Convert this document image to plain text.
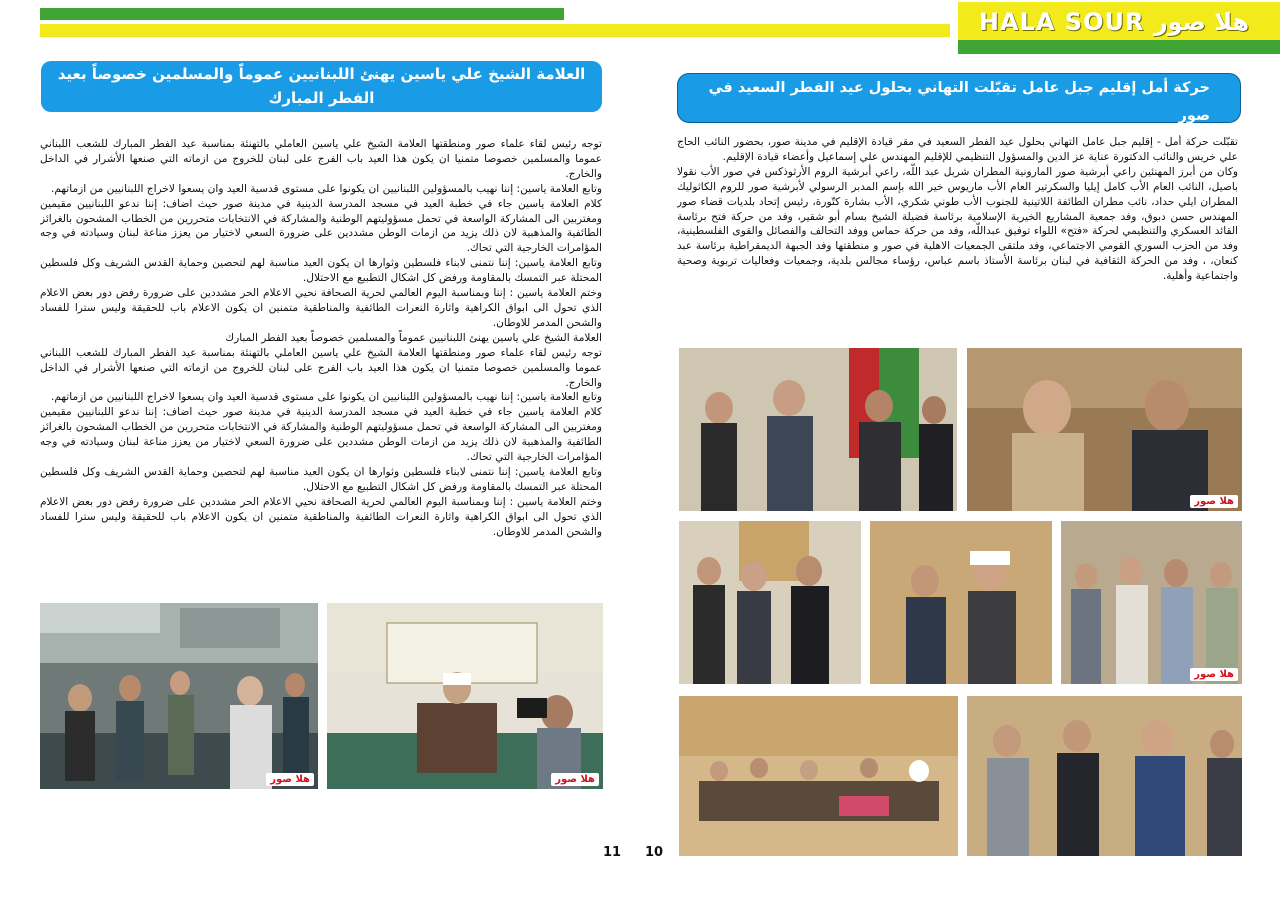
HALA SOUR هلا صور
العلامة الشيخ علي ياسين يهنئ اللبنانيين عموماً والمسلمين خصوصاً بعيد الفطر المبارك
حركة أمل إقليم جبل عامل تقبّلت التهاني بحلول عيد الفطر السعيد في صور

توجه رئيس لقاء علماء صور ومنطقتها العلامة الشيخ علي ياسين العاملي بالتهنئة بمناسبة عيد الفطر المبارك للشعب اللبناني عموما والمسلمين خصوصا متمنيا ان يكون هذا العيد باب الفرج على لبنان للخروج من ازماته التي صنعها الأشرار في الداخل والخارج.

وتابع العلامة ياسين: إننا نهيب بالمسؤولين اللبنانيين ان يكونوا على مستوى قدسية العيد وان يسعوا لاخراج اللبنانيين من ازماتهم.

كلام العلامة ياسين جاء في خطبة العيد في مسجد المدرسة الدينية في مدينة صور حيث اضاف: إننا ندعو اللبنانيين مقيمين ومغتربين الى المشاركة الواسعة في تحمل مسؤوليتهم الوطنية والمشاركة في الانتخابات متحررين من الخطاب المشحون بالغرائز الطائفية والمذهبية لان ذلك يزيد من ازمات الوطن مشددين على ضرورة السعي لاختيار من يعزز مناعة لبنان وسيادته في وجه المؤامرات الخارجية التي تحاك.

وتابع العلامة ياسين: إننا نتمنى لابناء فلسطين وثوارها ان يكون العيد مناسبة لهم لتحصين وحماية القدس الشريف وكل فلسطين المحتلة عبر التمسك بالمقاومة ورفض كل اشكال التطبيع مع الاحتلال.

وختم العلامة ياسين : إننا وبمناسبة اليوم العالمي لحرية الصحافة نحيي الاعلام الحر مشددين على ضرورة رفض دور بعض الاعلام الذي تحول الى ابواق الكراهية واثارة النعرات الطائفية والمناطقية متمنين ان يكون الاعلام باب للحقيقة وليس سترا للفساد والشحن المدمر للاوطان.

العلامة الشيخ علي ياسين يهنئ اللبنانيين عموماً والمسلمين خصوصاً بعيد الفطر المبارك

توجه رئيس لقاء علماء صور ومنطقتها العلامة الشيخ علي ياسين العاملي بالتهنئة بمناسبة عيد الفطر المبارك للشعب اللبناني عموما والمسلمين خصوصا متمنيا ان يكون هذا العيد باب الفرج على لبنان للخروج من ازماته التي صنعها الأشرار في الداخل والخارج.

وتابع العلامة ياسين: إننا نهيب بالمسؤولين اللبنانيين ان يكونوا على مستوى قدسية العيد وان يسعوا لاخراج اللبنانيين من ازماتهم.

كلام العلامة ياسين جاء في خطبة العيد في مسجد المدرسة الدينية في مدينة صور حيث اضاف: إننا ندعو اللبنانيين مقيمين ومغتربين الى المشاركة الواسعة في تحمل مسؤوليتهم الوطنية والمشاركة في الانتخابات متحررين من الخطاب المشحون بالغرائز الطائفية والمذهبية لان ذلك يزيد من ازمات الوطن مشددين على ضرورة السعي لاختيار من يعزز مناعة لبنان وسيادته في وجه المؤامرات الخارجية التي تحاك.

وتابع العلامة ياسين: إننا نتمنى لابناء فلسطين وثوارها ان يكون العيد مناسبة لهم لتحصين وحماية القدس الشريف وكل فلسطين المحتلة عبر التمسك بالمقاومة ورفض كل اشكال التطبيع مع الاحتلال.

وختم العلامة ياسين : إننا وبمناسبة اليوم العالمي لحرية الصحافة نحيي الاعلام الحر مشددين على ضرورة رفض دور بعض الاعلام الذي تحول الى ابواق الكراهية واثارة النعرات الطائفية والمناطقية متمنين ان يكون الاعلام باب للحقيقة وليس سترا للفساد والشحن المدمر للاوطان.

تقبّلت حركة أمل - إقليم جبل عامل التهاني بحلول عيد الفطر السعيد في مقر قيادة الإقليم في مدينة صور، بحضور النائب الحاج علي خريس والنائب الدكتورة عناية عز الدين والمسؤول التنظيمي للإقليم المهندس علي إسماعيل وأعضاء قيادة الإقليم.

وكان من أبرز المهنئين راعي أبرشية صور المارونية المطران شربل عبد اللّه، راعي أبرشية الروم الأرثوذكس في صور الأب نقولا باصيل، النائب العام الأب كامل إيليا والسكرتير العام الأب ماريوس خير الله بإسم المدبر الرسولي لأبرشية صور للروم الكاثوليك المطران ايلي حداد، نائب مطران الطائفة اللاتينية للجنوب الأب طوني شكري، الأب بشارة كتّورة، رئيس إتحاد بلديات قضاء صور المهندس حسن دبوق، وفد جمعية المشاريع الخيرية الإسلامية برئاسة فضيلة الشيخ بسام أبو شقير، وفد من حركة فتح برئاسة القائد العسكري والتنظيمي لحركة «فتح» اللواء توفيق عبداللّه، وفد من حركة حماس ووفد التحالف والفصائل والقوى الفلسطينية، وفد من الحزب السوري القومي الاجتماعي، وفد ملتقى الجمعيات الاهلية في صور و منطقتها وفد الجبهة الديمقراطية برئاسة عبد كنعان، ، وفد من الحركة الثقافية في لبنان برئاسة الأستاذ باسم عباس، رؤساء مجالس بلدية، وجمعيات وفعاليات تربوية وصحية واجتماعية وأهلية.

هلا صور	هلا صور
هلا صور
هلا صور
11 10
